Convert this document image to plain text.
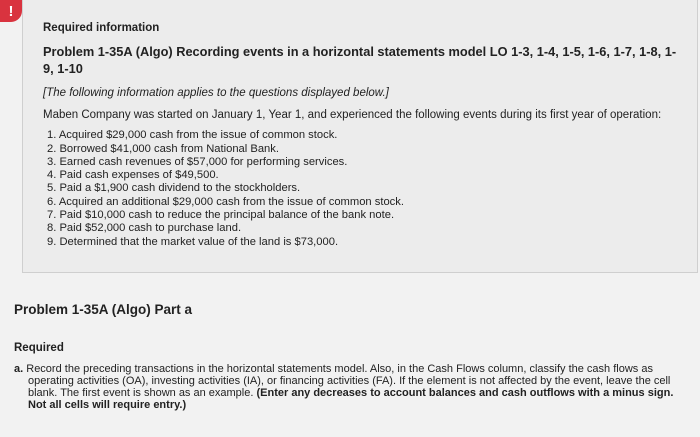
!

Required information

Problem 1-35A (Algo) Recording events in a horizontal statements model LO 1-3, 1-4, 1-5, 1-6, 1-7, 1-8, 1-9, 1-10

[The following information applies to the questions displayed below.]

Maben Company was started on January 1, Year 1, and experienced the following events during its first year of operation:

1. Acquired $29,000 cash from the issue of common stock.
2. Borrowed $41,000 cash from National Bank.
3. Earned cash revenues of $57,000 for performing services.
4. Paid cash expenses of $49,500.
5. Paid a $1,900 cash dividend to the stockholders.
6. Acquired an additional $29,000 cash from the issue of common stock.
7. Paid $10,000 cash to reduce the principal balance of the bank note.
8. Paid $52,000 cash to purchase land.
9. Determined that the market value of the land is $73,000.
Problem 1-35A (Algo) Part a
Required
a. Record the preceding transactions in the horizontal statements model. Also, in the Cash Flows column, classify the cash flows as operating activities (OA), investing activities (IA), or financing activities (FA). If the element is not affected by the event, leave the cell blank. The first event is shown as an example. (Enter any decreases to account balances and cash outflows with a minus sign. Not all cells will require entry.)
